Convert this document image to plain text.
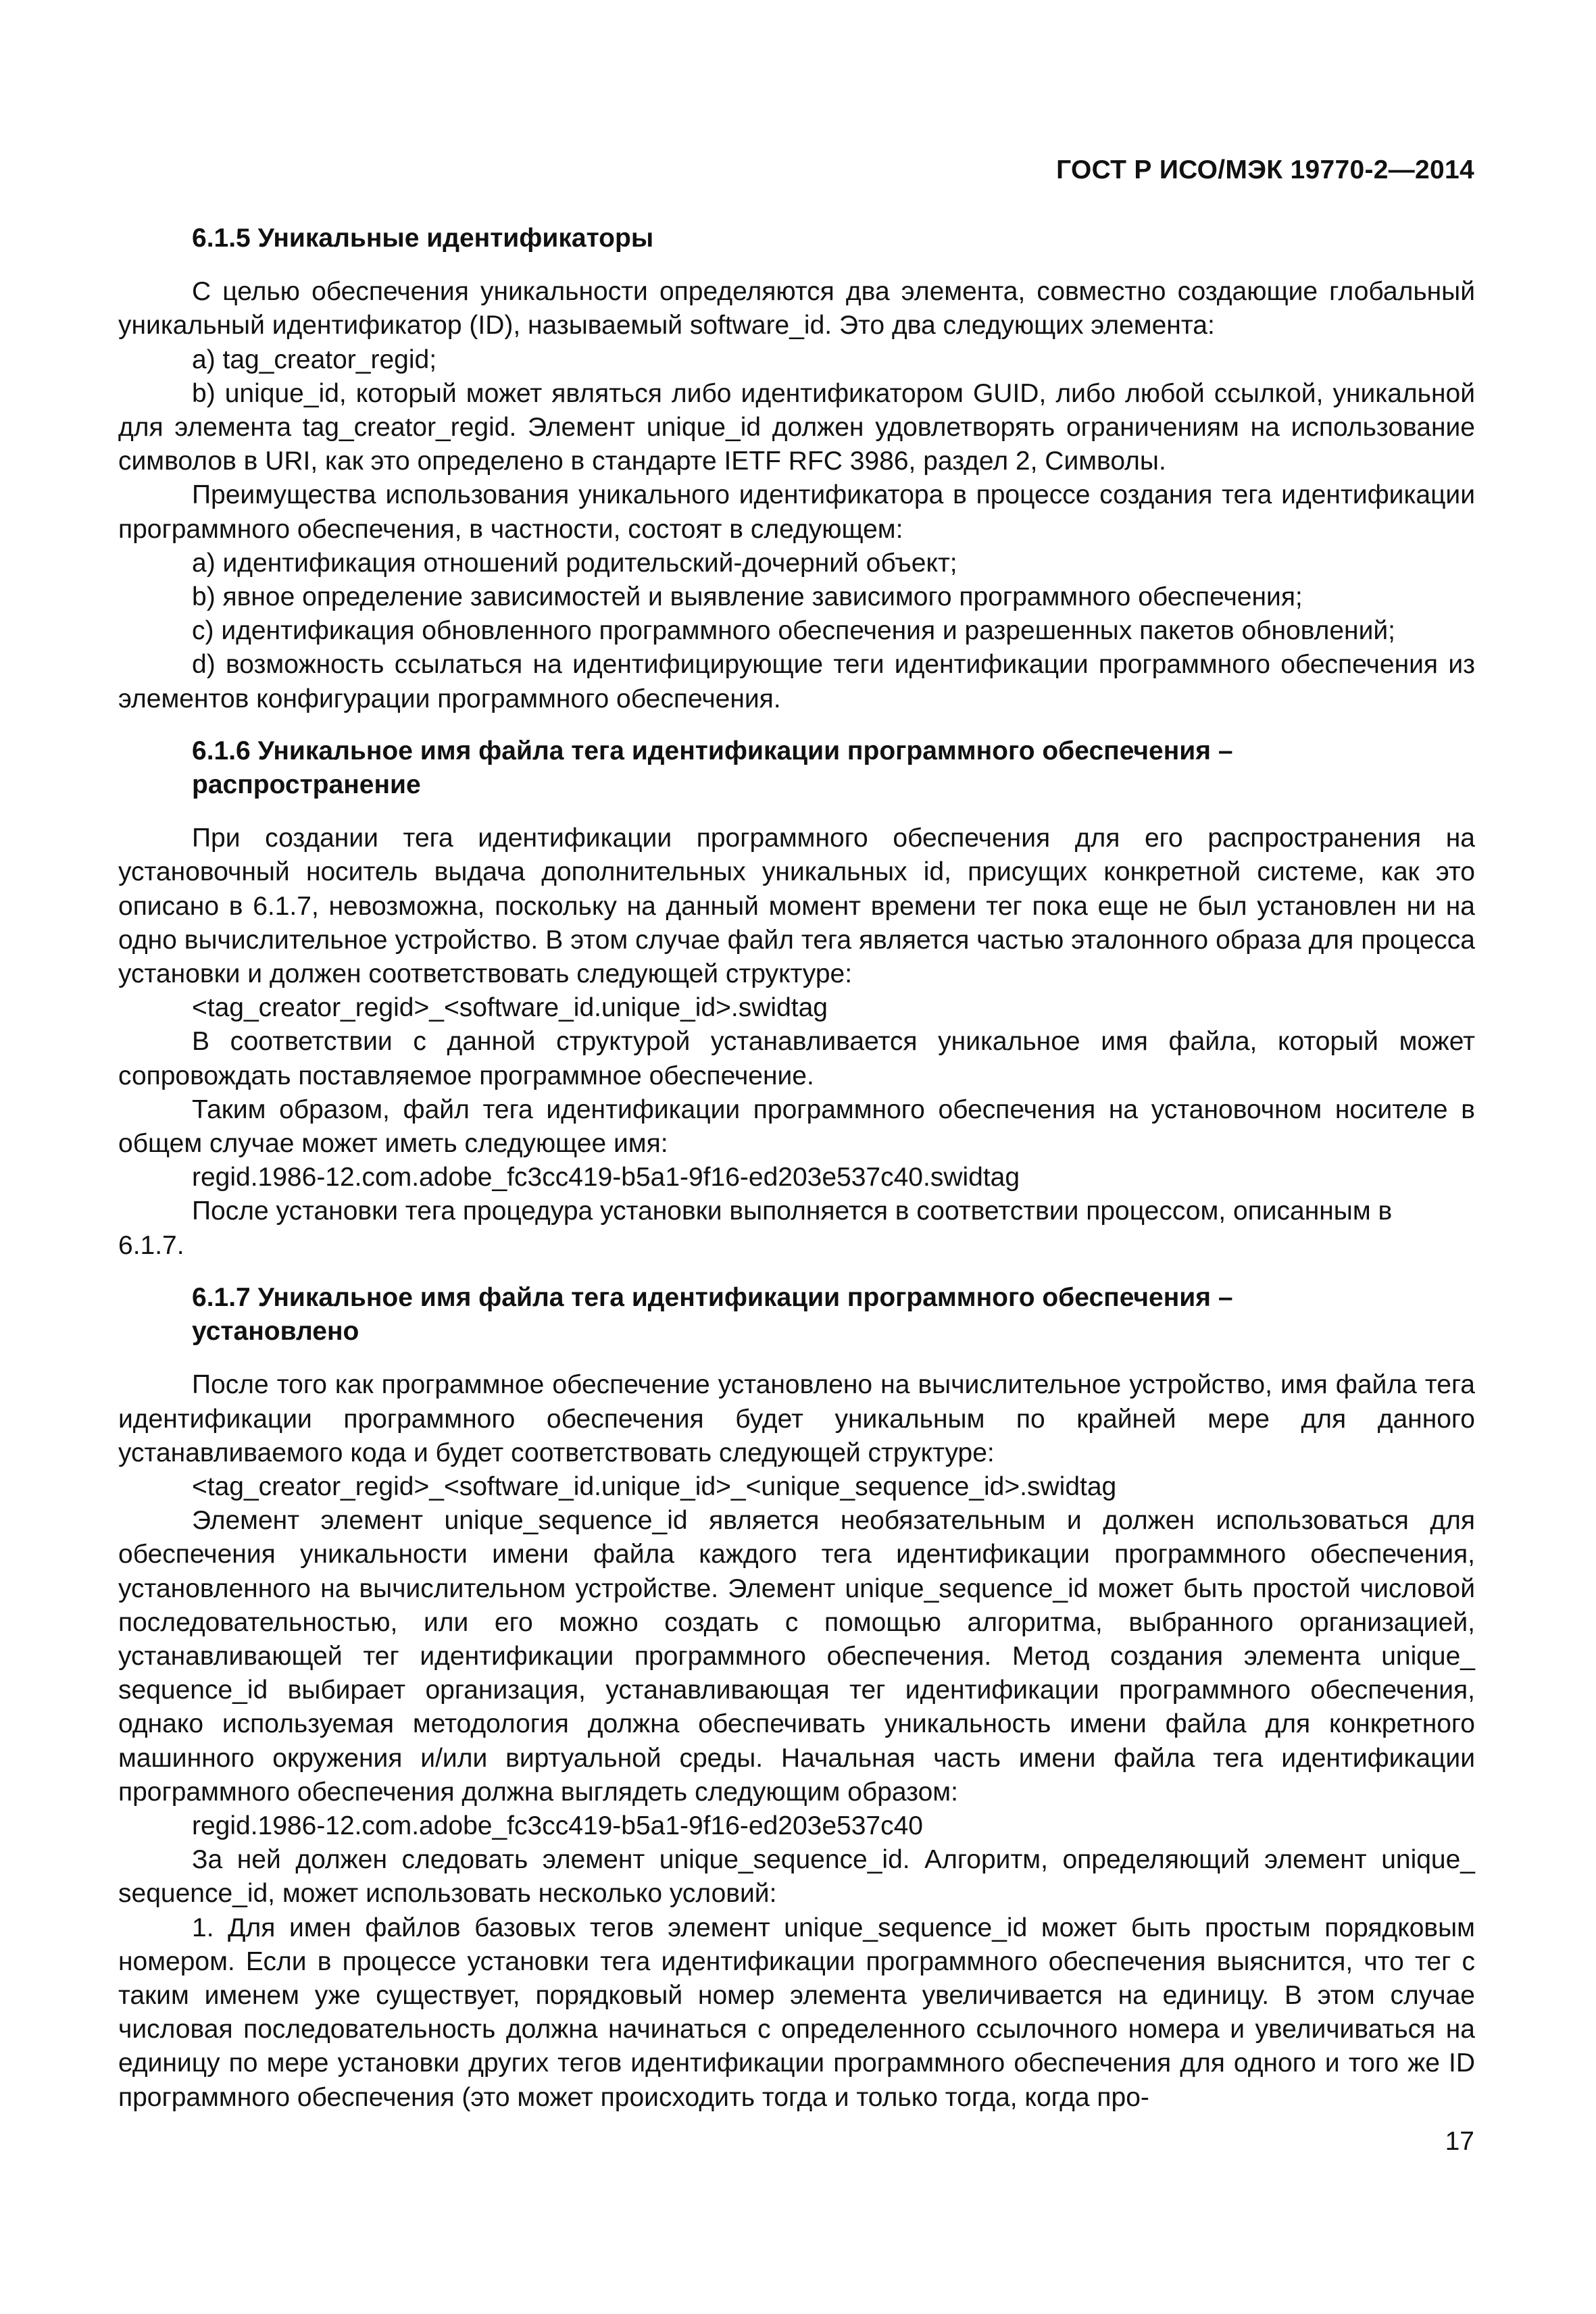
ГОСТ Р ИСО/МЭК 19770-2—2014
6.1.5 Уникальные идентификаторы

С целью обеспечения уникальности определяются два элемента, совместно создающие глобальный уникальный идентификатор (ID), называемый software_id. Это два следующих элемента:

a) tag_creator_regid;

b) unique_id, который может являться либо идентификатором GUID, либо любой ссылкой, уникальной для элемента tag_creator_regid. Элемент unique_id должен удовлетворять ограничениям на использование символов в URI, как это определено в стандарте IETF RFC 3986, раздел 2, Символы.

Преимущества использования уникального идентификатора в процессе создания тега идентификации программного обеспечения, в частности, состоят в следующем:

a) идентификация отношений родительский-дочерний объект;

b) явное определение зависимостей и выявление зависимого программного обеспечения;

c) идентификация обновленного программного обеспечения и разрешенных пакетов обновлений;

d) возможность ссылаться на идентифицирующие теги идентификации программного обеспечения из элементов конфигурации программного обеспечения.

6.1.6 Уникальное имя файла тега идентификации программного обеспечения – распространение

При создании тега идентификации программного обеспечения для его распространения на установочный носитель выдача дополнительных уникальных id, присущих конкретной системе, как это описано в 6.1.7, невозможна, поскольку на данный момент времени тег пока еще не был установлен ни на одно вычислительное устройство. В этом случае файл тега является частью эталонного образа для процесса установки и должен соответствовать следующей структуре:

<tag_creator_regid>_<software_id.unique_id>.swidtag

В соответствии с данной структурой устанавливается уникальное имя файла, который может сопровождать поставляемое программное обеспечение.

Таким образом, файл тега идентификации программного обеспечения на установочном носителе в общем случае может иметь следующее имя:

regid.1986-12.com.adobe_fc3cc419-b5a1-9f16-ed203e537c40.swidtag

После установки тега процедура установки выполняется в соответствии процессом, описанным в

6.1.7.

6.1.7 Уникальное имя файла тега идентификации программного обеспечения – установлено

После того как программное обеспечение установлено на вычислительное устройство, имя файла тега идентификации программного обеспечения будет уникальным по крайней мере для данного устанавливаемого кода и будет соответствовать следующей структуре:

<tag_creator_regid>_<software_id.unique_id>_<unique_sequence_id>.swidtag

Элемент элемент unique_sequence_id является необязательным и должен использоваться для обеспечения уникальности имени файла каждого тега идентификации программного обеспечения, установленного на вычислительном устройстве. Элемент unique_sequence_id может быть простой числовой последовательностью, или его можно создать с помощью алгоритма, выбранного организацией, устанавливающей тег идентификации программного обеспечения. Метод создания элемента unique_ sequence_id выбирает организация, устанавливающая тег идентификации программного обеспечения, однако используемая методология должна обеспечивать уникальность имени файла для конкретного машинного окружения и/или виртуальной среды. Начальная часть имени файла тега идентификации программного обеспечения должна выглядеть следующим образом:

regid.1986-12.com.adobe_fc3cc419-b5a1-9f16-ed203e537c40

За ней должен следовать элемент unique_sequence_id. Алгоритм, определяющий элемент unique_ sequence_id, может использовать несколько условий:

1. Для имен файлов базовых тегов элемент unique_sequence_id может быть простым порядковым номером. Если в процессе установки тега идентификации программного обеспечения выяснится, что тег с таким именем уже существует, порядковый номер элемента увеличивается на единицу. В этом случае числовая последовательность должна начинаться с определенного ссылочного номера и увеличиваться на единицу по мере установки других тегов идентификации программного обеспечения для одного и того же ID программного обеспечения (это может происходить тогда и только тогда, когда про-

17
